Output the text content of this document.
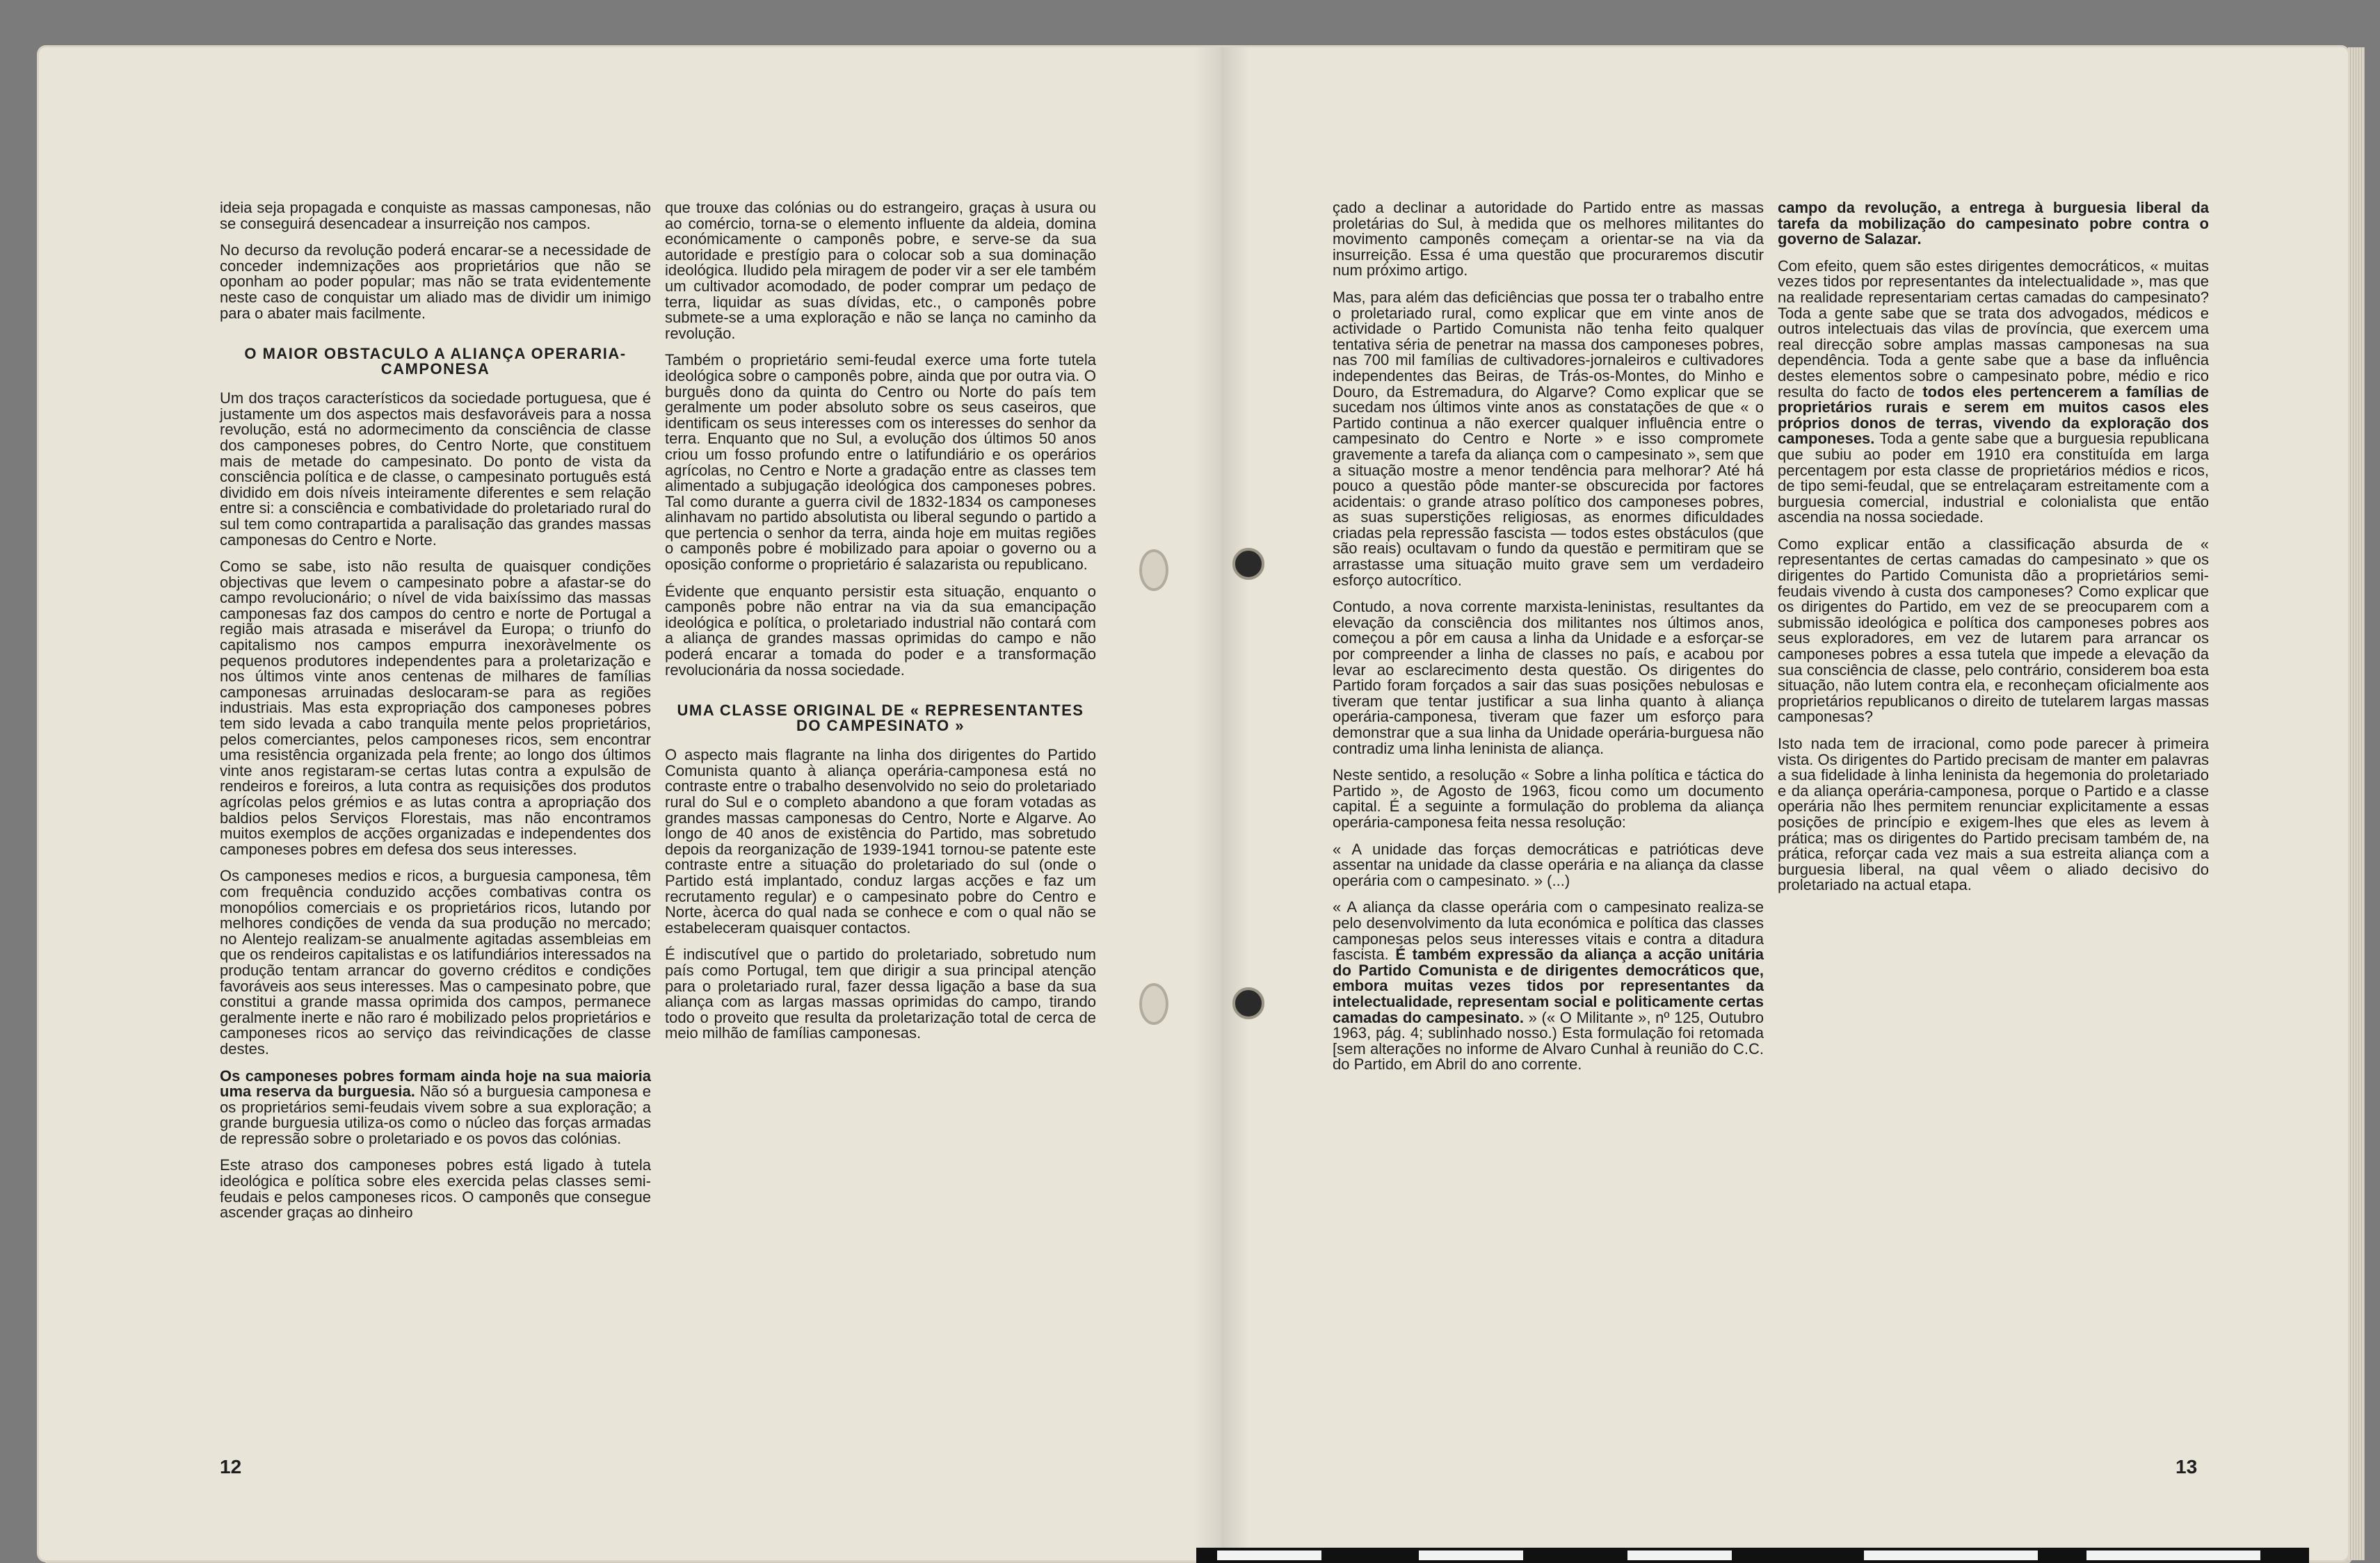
ideia seja propagada e conquiste as massas camponesas, não se conseguirá desencadear a insurreição nos campos.

No decurso da revolução poderá encarar-se a necessidade de conceder indemnizações aos proprietários que não se oponham ao poder popular; mas não se trata evidentemente neste caso de conquistar um aliado mas de dividir um inimigo para o abater mais facilmente.

O MAIOR OBSTACULO A ALIANÇA OPERARIA-CAMPONESA

Um dos traços característicos da sociedade portuguesa, que é justamente um dos aspectos mais desfavoráveis para a nossa revolução, está no adormecimento da consciência de classe dos camponeses pobres, do Centro Norte, que constituem mais de metade do campesinato. Do ponto de vista da consciência política e de classe, o campesinato português está dividido em dois níveis inteiramente diferentes e sem relação entre si: a consciência e combatividade do proletariado rural do sul tem como contrapartida a paralisação das grandes massas camponesas do Centro e Norte.

Como se sabe, isto não resulta de quaisquer condições objectivas que levem o campesinato pobre a afastar-se do campo revolucionário; o nível de vida baixíssimo das massas camponesas faz dos campos do centro e norte de Portugal a região mais atrasada e miserável da Europa; o triunfo do capitalismo nos campos empurra inexoràvelmente os pequenos produtores independentes para a proletarização e nos últimos vinte anos centenas de milhares de famílias camponesas arruinadas deslocaram-se para as regiões industriais. Mas esta expropriação dos camponeses pobres tem sido levada a cabo tranquila mente pelos proprietários, pelos comerciantes, pelos camponeses ricos, sem encontrar uma resistência organizada pela frente; ao longo dos últimos vinte anos registaram-se certas lutas contra a expulsão de rendeiros e foreiros, a luta contra as requisições dos produtos agrícolas pelos grémios e as lutas contra a apropriação dos baldios pelos Serviços Florestais, mas não encontramos muitos exemplos de acções organizadas e independentes dos camponeses pobres em defesa dos seus interesses.

Os camponeses medios e ricos, a burguesia camponesa, têm com frequência conduzido acções combativas contra os monopólios comerciais e os proprietários ricos, lutando por melhores condições de venda da sua produção no mercado; no Alentejo realizam-se anualmente agitadas assembleias em que os rendeiros capitalistas e os latifundiários interessados na produção tentam arrancar do governo créditos e condições favoráveis aos seus interesses. Mas o campesinato pobre, que constitui a grande massa oprimida dos campos, permanece geralmente inerte e não raro é mobilizado pelos proprietários e camponeses ricos ao serviço das reivindicações de classe destes.

Os camponeses pobres formam ainda hoje na sua maioria uma reserva da burguesia. Não só a burguesia camponesa e os proprietários semi-feudais vivem sobre a sua exploração; a grande burguesia utiliza-os como o núcleo das forças armadas de repressão sobre o proletariado e os povos das colónias.

Este atraso dos camponeses pobres está ligado à tutela ideológica e política sobre eles exercida pelas classes semi-feudais e pelos camponeses ricos. O camponês que consegue ascender graças ao dinheiro

que trouxe das colónias ou do estrangeiro, graças à usura ou ao comércio, torna-se o elemento influente da aldeia, domina económicamente o camponês pobre, e serve-se da sua autoridade e prestígio para o colocar sob a sua dominação ideológica. Iludido pela miragem de poder vir a ser ele também um cultivador acomodado, de poder comprar um pedaço de terra, liquidar as suas dívidas, etc., o camponês pobre submete-se a uma exploração e não se lança no caminho da revolução.

Também o proprietário semi-feudal exerce uma forte tutela ideológica sobre o camponês pobre, ainda que por outra via. O burguês dono da quinta do Centro ou Norte do país tem geralmente um poder absoluto sobre os seus caseiros, que identificam os seus interesses com os interesses do senhor da terra. Enquanto que no Sul, a evolução dos últimos 50 anos criou um fosso profundo entre o latifundiário e os operários agrícolas, no Centro e Norte a gradação entre as classes tem alimentado a subjugação ideológica dos camponeses pobres. Tal como durante a guerra civil de 1832-1834 os camponeses alinhavam no partido absolutista ou liberal segundo o partido a que pertencia o senhor da terra, ainda hoje em muitas regiões o camponês pobre é mobilizado para apoiar o governo ou a oposição conforme o proprietário é salazarista ou republicano.

Évidente que enquanto persistir esta situação, enquanto o camponês pobre não entrar na via da sua emancipação ideológica e política, o proletariado industrial não contará com a aliança de grandes massas oprimidas do campo e não poderá encarar a tomada do poder e a transformação revolucionária da nossa sociedade.

UMA CLASSE ORIGINAL DE « REPRESENTANTES DO CAMPESINATO »

O aspecto mais flagrante na linha dos dirigentes do Partido Comunista quanto à aliança operária-camponesa está no contraste entre o trabalho desenvolvido no seio do proletariado rural do Sul e o completo abandono a que foram votadas as grandes massas camponesas do Centro, Norte e Algarve. Ao longo de 40 anos de existência do Partido, mas sobretudo depois da reorganização de 1939-1941 tornou-se patente este contraste entre a situação do proletariado do sul (onde o Partido está implantado, conduz largas acções e faz um recrutamento regular) e o campesinato pobre do Centro e Norte, àcerca do qual nada se conhece e com o qual não se estabeleceram quaisquer contactos.

É indiscutível que o partido do proletariado, sobretudo num país como Portugal, tem que dirigir a sua principal atenção para o proletariado rural, fazer dessa ligação a base da sua aliança com as largas massas oprimidas do campo, tirando todo o proveito que resulta da proletarização total de cerca de meio milhão de famílias camponesas.

çado a declinar a autoridade do Partido entre as massas proletárias do Sul, à medida que os melhores militantes do movimento camponês começam a orientar-se na via da insurreição. Essa é uma questão que procuraremos discutir num próximo artigo.

Mas, para além das deficiências que possa ter o trabalho entre o proletariado rural, como explicar que em vinte anos de actividade o Partido Comunista não tenha feito qualquer tentativa séria de penetrar na massa dos camponeses pobres, nas 700 mil famílias de cultivadores-jornaleiros e cultivadores independentes das Beiras, de Trás-os-Montes, do Minho e Douro, da Estremadura, do Algarve? Como explicar que se sucedam nos últimos vinte anos as constatações de que « o Partido continua a não exercer qualquer influência entre o campesinato do Centro e Norte » e isso compromete gravemente a tarefa da aliança com o campesinato », sem que a situação mostre a menor tendência para melhorar? Até há pouco a questão pôde manter-se obscurecida por factores acidentais: o grande atraso político dos camponeses pobres, as suas superstições religiosas, as enormes dificuldades criadas pela repressão fascista — todos estes obstáculos (que são reais) ocultavam o fundo da questão e permitiram que se arrastasse uma situação muito grave sem um verdadeiro esforço autocrítico.

Contudo, a nova corrente marxista-leninistas, resultantes da elevação da consciência dos militantes nos últimos anos, começou a pôr em causa a linha da Unidade e a esforçar-se por compreender a linha de classes no país, e acabou por levar ao esclarecimento desta questão. Os dirigentes do Partido foram forçados a sair das suas posições nebulosas e tiveram que tentar justificar a sua linha quanto à aliança operária-camponesa, tiveram que fazer um esforço para demonstrar que a sua linha da Unidade operária-burguesa não contradiz uma linha leninista de aliança.

Neste sentido, a resolução « Sobre a linha política e táctica do Partido », de Agosto de 1963, ficou como um documento capital. É a seguinte a formulação do problema da aliança operária-camponesa feita nessa resolução:

« A unidade das forças democráticas e patrióticas deve assentar na unidade da classe operária e na aliança da classe operária com o campesinato. » (...)

« A aliança da classe operária com o campesinato realiza-se pelo desenvolvimento da luta económica e política das classes camponesas pelos seus interesses vitais e contra a ditadura fascista. É também expressão da aliança a acção unitária do Partido Comunista e de dirigentes democráticos que, embora muitas vezes tidos por representantes da intelectualidade, representam social e politicamente certas camadas do campesinato. » (« O Militante », nº 125, Outubro 1963, pág. 4; sublinhado nosso.) Esta formulação foi retomada [sem alterações no informe de Alvaro Cunhal à reunião do C.C. do Partido, em Abril do ano corrente.

campo da revolução, a entrega à burguesia liberal da tarefa da mobilização do campesinato pobre contra o governo de Salazar.

Com efeito, quem são estes dirigentes democráticos, « muitas vezes tidos por representantes da intelectualidade », mas que na realidade representariam certas camadas do campesinato? Toda a gente sabe que se trata dos advogados, médicos e outros intelectuais das vilas de província, que exercem uma real direcção sobre amplas massas camponesas na sua dependência. Toda a gente sabe que a base da influência destes elementos sobre o campesinato pobre, médio e rico resulta do facto de todos eles pertencerem a famílias de proprietários rurais e serem em muitos casos eles próprios donos de terras, vivendo da exploração dos camponeses. Toda a gente sabe que a burguesia republicana que subiu ao poder em 1910 era constituída em larga percentagem por esta classe de proprietários médios e ricos, de tipo semi-feudal, que se entrelaçaram estreitamente com a burguesia comercial, industrial e colonialista que então ascendia na nossa sociedade.

Como explicar então a classificação absurda de « representantes de certas camadas do campesinato » que os dirigentes do Partido Comunista dão a proprietários semi-feudais vivendo à custa dos camponeses? Como explicar que os dirigentes do Partido, em vez de se preocuparem com a submissão ideológica e política dos camponeses pobres aos seus exploradores, em vez de lutarem para arrancar os camponeses pobres a essa tutela que impede a elevação da sua consciência de classe, pelo contrário, considerem boa esta situação, não lutem contra ela, e reconheçam oficialmente aos proprietários republicanos o direito de tutelarem largas massas camponesas?

Isto nada tem de irracional, como pode parecer à primeira vista. Os dirigentes do Partido precisam de manter em palavras a sua fidelidade à linha leninista da hegemonia do proletariado e da aliança operária-camponesa, porque o Partido e a classe operária não lhes permitem renunciar explicitamente a essas posições de princípio e exigem-lhes que eles as levem à prática; mas os dirigentes do Partido precisam também de, na prática, reforçar cada vez mais a sua estreita aliança com a burguesia liberal, na qual vêem o aliado decisivo do proletariado na actual etapa.

12	13
